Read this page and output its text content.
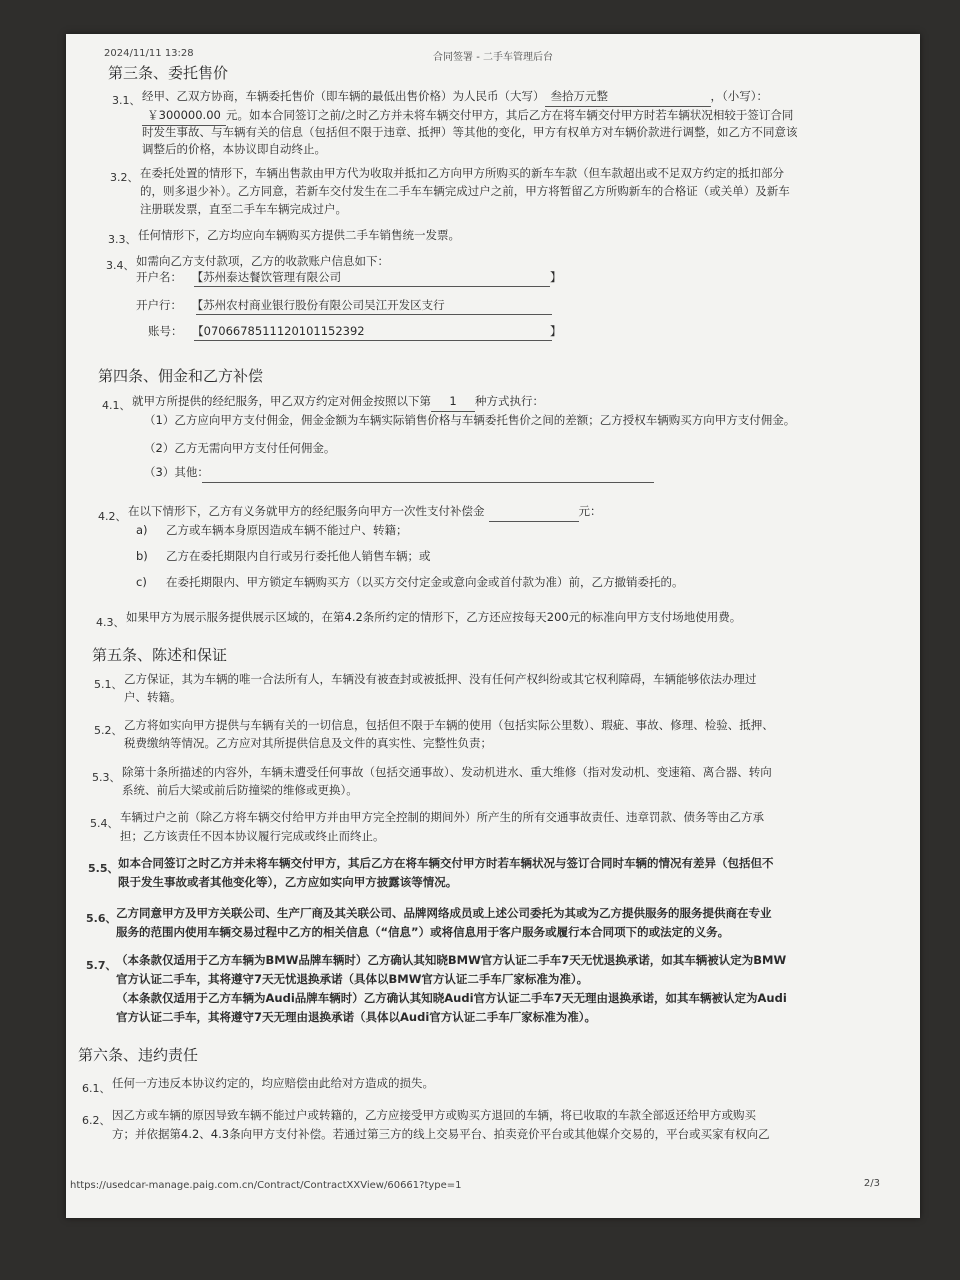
2024/11/11 13:28	合同签署 - 二手车管理后台
第三条、委托售价
3.1、 经甲、乙双方协商，车辆委托售价（即车辆的最低出售价格）为人民币（大写） 叁拾万元整	，（小写）：
￥300000.00 元。如本合同签订之前/之时乙方并未将车辆交付甲方，其后乙方在将车辆交付甲方时若车辆状况相较于签订合同
时发生事故、与车辆有关的信息（包括但不限于违章、抵押）等其他的变化，甲方有权单方对车辆价款进行调整，如乙方不同意该
调整后的价格，本协议即自动终止。
3.2、 在委托处置的情形下，车辆出售款由甲方代为收取并抵扣乙方向甲方所购买的新车车款（但车款超出或不足双方约定的抵扣部分
的，则多退少补）。乙方同意，若新车交付发生在二手车车辆完成过户之前，甲方将暂留乙方所购新车的合格证（或关单）及新车
注册联发票，直至二手车车辆完成过户。
3.3、 任何情形下，乙方均应向车辆购买方提供二手车销售统一发票。
3.4、 如需向乙方支付款项，乙方的收款账户信息如下：
开户名： 【苏州泰达餐饮管理有限公司	】
开户行： 【苏州农村商业银行股份有限公司吴江开发区支行
账号： 【0706678511120101152392	】
第四条、佣金和乙方补偿
4.1、 就甲方所提供的经纪服务，甲乙双方约定对佣金按照以下第 1 种方式执行：
（1）乙方应向甲方支付佣金，佣金金额为车辆实际销售价格与车辆委托售价之间的差额；乙方授权车辆购买方向甲方支付佣金。
（2）乙方无需向甲方支付任何佣金。
（3）其他：
4.2、 在以下情形下，乙方有义务就甲方的经纪服务向甲方一次性支付补偿金	元：
a) 乙方或车辆本身原因造成车辆不能过户、转籍；
b) 乙方在委托期限内自行或另行委托他人销售车辆；或
c) 在委托期限内、甲方锁定车辆购买方（以买方交付定金或意向金或首付款为准）前，乙方撤销委托的。
4.3、 如果甲方为展示服务提供展示区域的，在第4.2条所约定的情形下，乙方还应按每天200元的标准向甲方支付场地使用费。
第五条、陈述和保证
5.1、 乙方保证，其为车辆的唯一合法所有人，车辆没有被查封或被抵押、没有任何产权纠纷或其它权利障碍，车辆能够依法办理过
户、转籍。
5.2、 乙方将如实向甲方提供与车辆有关的一切信息，包括但不限于车辆的使用（包括实际公里数）、瑕疵、事故、修理、检验、抵押、
税费缴纳等情况。乙方应对其所提供信息及文件的真实性、完整性负责；
5.3、 除第十条所描述的内容外，车辆未遭受任何事故（包括交通事故）、发动机进水、重大维修（指对发动机、变速箱、离合器、转向
系统、前后大梁或前后防撞梁的维修或更换）。
5.4、 车辆过户之前（除乙方将车辆交付给甲方并由甲方完全控制的期间外）所产生的所有交通事故责任、违章罚款、债务等由乙方承
担；乙方该责任不因本协议履行完成或终止而终止。
5.5、 如本合同签订之时乙方并未将车辆交付甲方，其后乙方在将车辆交付甲方时若车辆状况与签订合同时车辆的情况有差异（包括但不
限于发生事故或者其他变化等），乙方应如实向甲方披露该等情况。
5.6、 乙方同意甲方及甲方关联公司、生产厂商及其关联公司、品牌网络成员或上述公司委托为其或为乙方提供服务的服务提供商在专业
服务的范围内使用车辆交易过程中乙方的相关信息（“信息”）或将信息用于客户服务或履行本合同项下的或法定的义务。
5.7、 （本条款仅适用于乙方车辆为BMW品牌车辆时）乙方确认其知晓BMW官方认证二手车7天无忧退换承诺，如其车辆被认定为BMW
官方认证二手车，其将遵守7天无忧退换承诺（具体以BMW官方认证二手车厂家标准为准）。
（本条款仅适用于乙方车辆为Audi品牌车辆时）乙方确认其知晓Audi官方认证二手车7天无理由退换承诺，如其车辆被认定为Audi
官方认证二手车，其将遵守7天无理由退换承诺（具体以Audi官方认证二手车厂家标准为准）。
第六条、违约责任
6.1、 任何一方违反本协议约定的，均应赔偿由此给对方造成的损失。
6.2、 因乙方或车辆的原因导致车辆不能过户或转籍的，乙方应接受甲方或购买方退回的车辆，将已收取的车款全部返还给甲方或购买
方；并依据第4.2、4.3条向甲方支付补偿。若通过第三方的线上交易平台、拍卖竞价平台或其他媒介交易的，平台或买家有权向乙
https://usedcar-manage.paig.com.cn/Contract/ContractXXView/60661?type=1	2/3
